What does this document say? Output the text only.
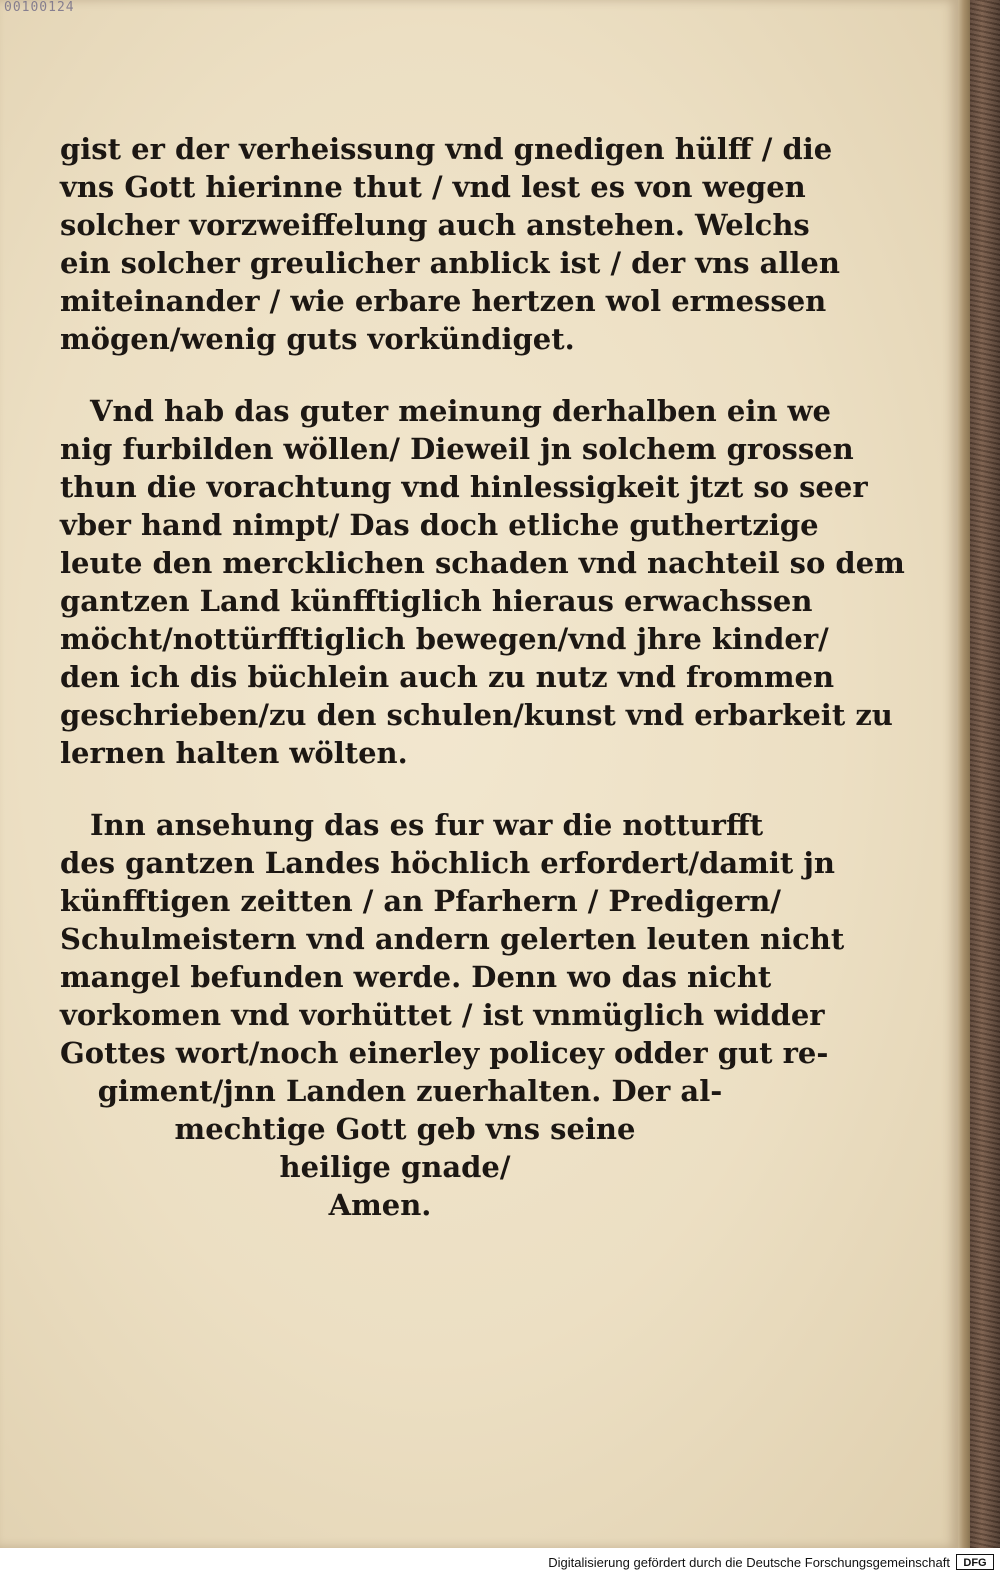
00100124
gist er der verheissung vnd gnedigen hülff / die
vns Gott hierinne thut / vnd lest es von wegen
solcher vorzweiffelung auch anstehen. Welchs
ein solcher greulicher anblick ist / der vns allen
miteinander / wie erbare hertzen wol ermessen
mögen/wenig guts vorkündiget.
Vnd hab das guter meinung derhalben ein we
nig furbilden wöllen/ Dieweil jn solchem grossen
thun die vorachtung vnd hinlessigkeit jtzt so seer
vber hand nimpt/ Das doch etliche guthertzige
leute den mercklichen schaden vnd nachteil so dem
gantzen Land künfftiglich hieraus erwachssen
möcht/nottürfftiglich bewegen/vnd jhre kinder/
den ich dis büchlein auch zu nutz vnd frommen
geschrieben/zu den schulen/kunst vnd erbarkeit zu
lernen halten wölten.
Inn ansehung das es fur war die notturfft
des gantzen Landes höchlich erfordert/damit jn
künfftigen zeitten / an Pfarhern / Predigern/
Schulmeistern vnd andern gelerten leuten nicht
mangel befunden werde. Denn wo das nicht
vorkomen vnd vorhüttet / ist vnmüglich widder
Gottes wort/noch einerley policey odder gut re-
giment/jnn Landen zuerhalten. Der al-
mechtige Gott geb vns seine
heilige gnade/
Amen.
Digitalisierung gefördert durch die Deutsche Forschungsgemeinschaft	DFG
